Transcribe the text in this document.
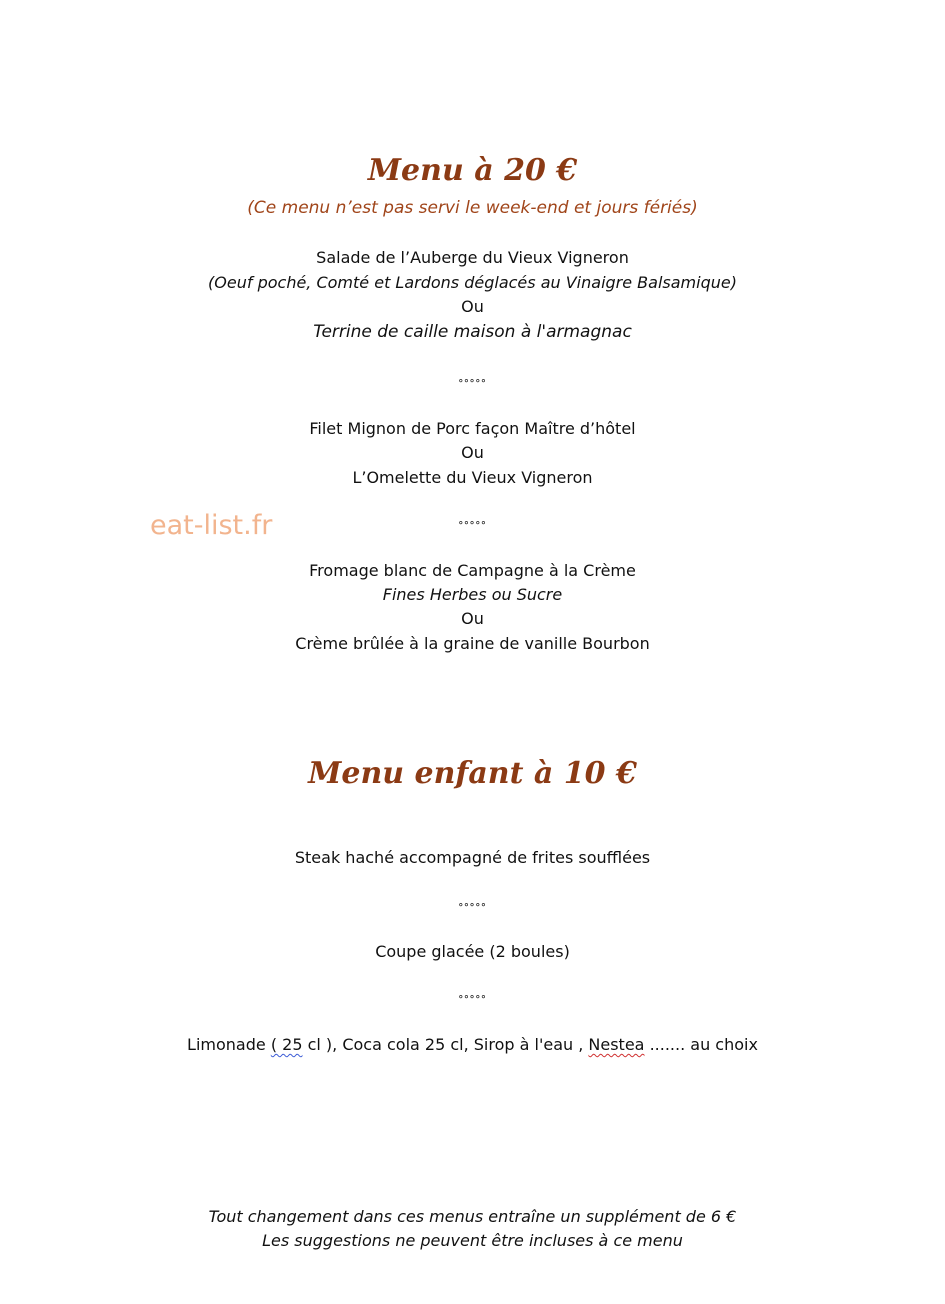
Menu à 20 €
(Ce menu n’est pas servi le week-end et jours fériés)
Salade de l’Auberge du Vieux Vigneron
(Oeuf poché, Comté et Lardons déglacés au Vinaigre Balsamique)
Ou
Terrine de caille maison à l'armagnac
ᐤᐤᐤᐤᐤ
Filet Mignon de Porc façon Maître d’hôtel
Ou
L’Omelette du Vieux Vigneron
ᐤᐤᐤᐤᐤ
Fromage blanc de Campagne à la Crème
Fines Herbes ou Sucre
Ou
Crème brûlée à la graine de vanille Bourbon
eat-list.fr
Menu enfant à 10 €
Steak haché accompagné de frites soufflées
ᐤᐤᐤᐤᐤ
Coupe glacée (2 boules)
ᐤᐤᐤᐤᐤ
Limonade ( 25 cl ), Coca cola 25 cl, Sirop à l'eau , Nestea ....... au choix
Tout changement dans ces menus entraîne un supplément de 6 €
Les suggestions ne peuvent être incluses à ce menu
